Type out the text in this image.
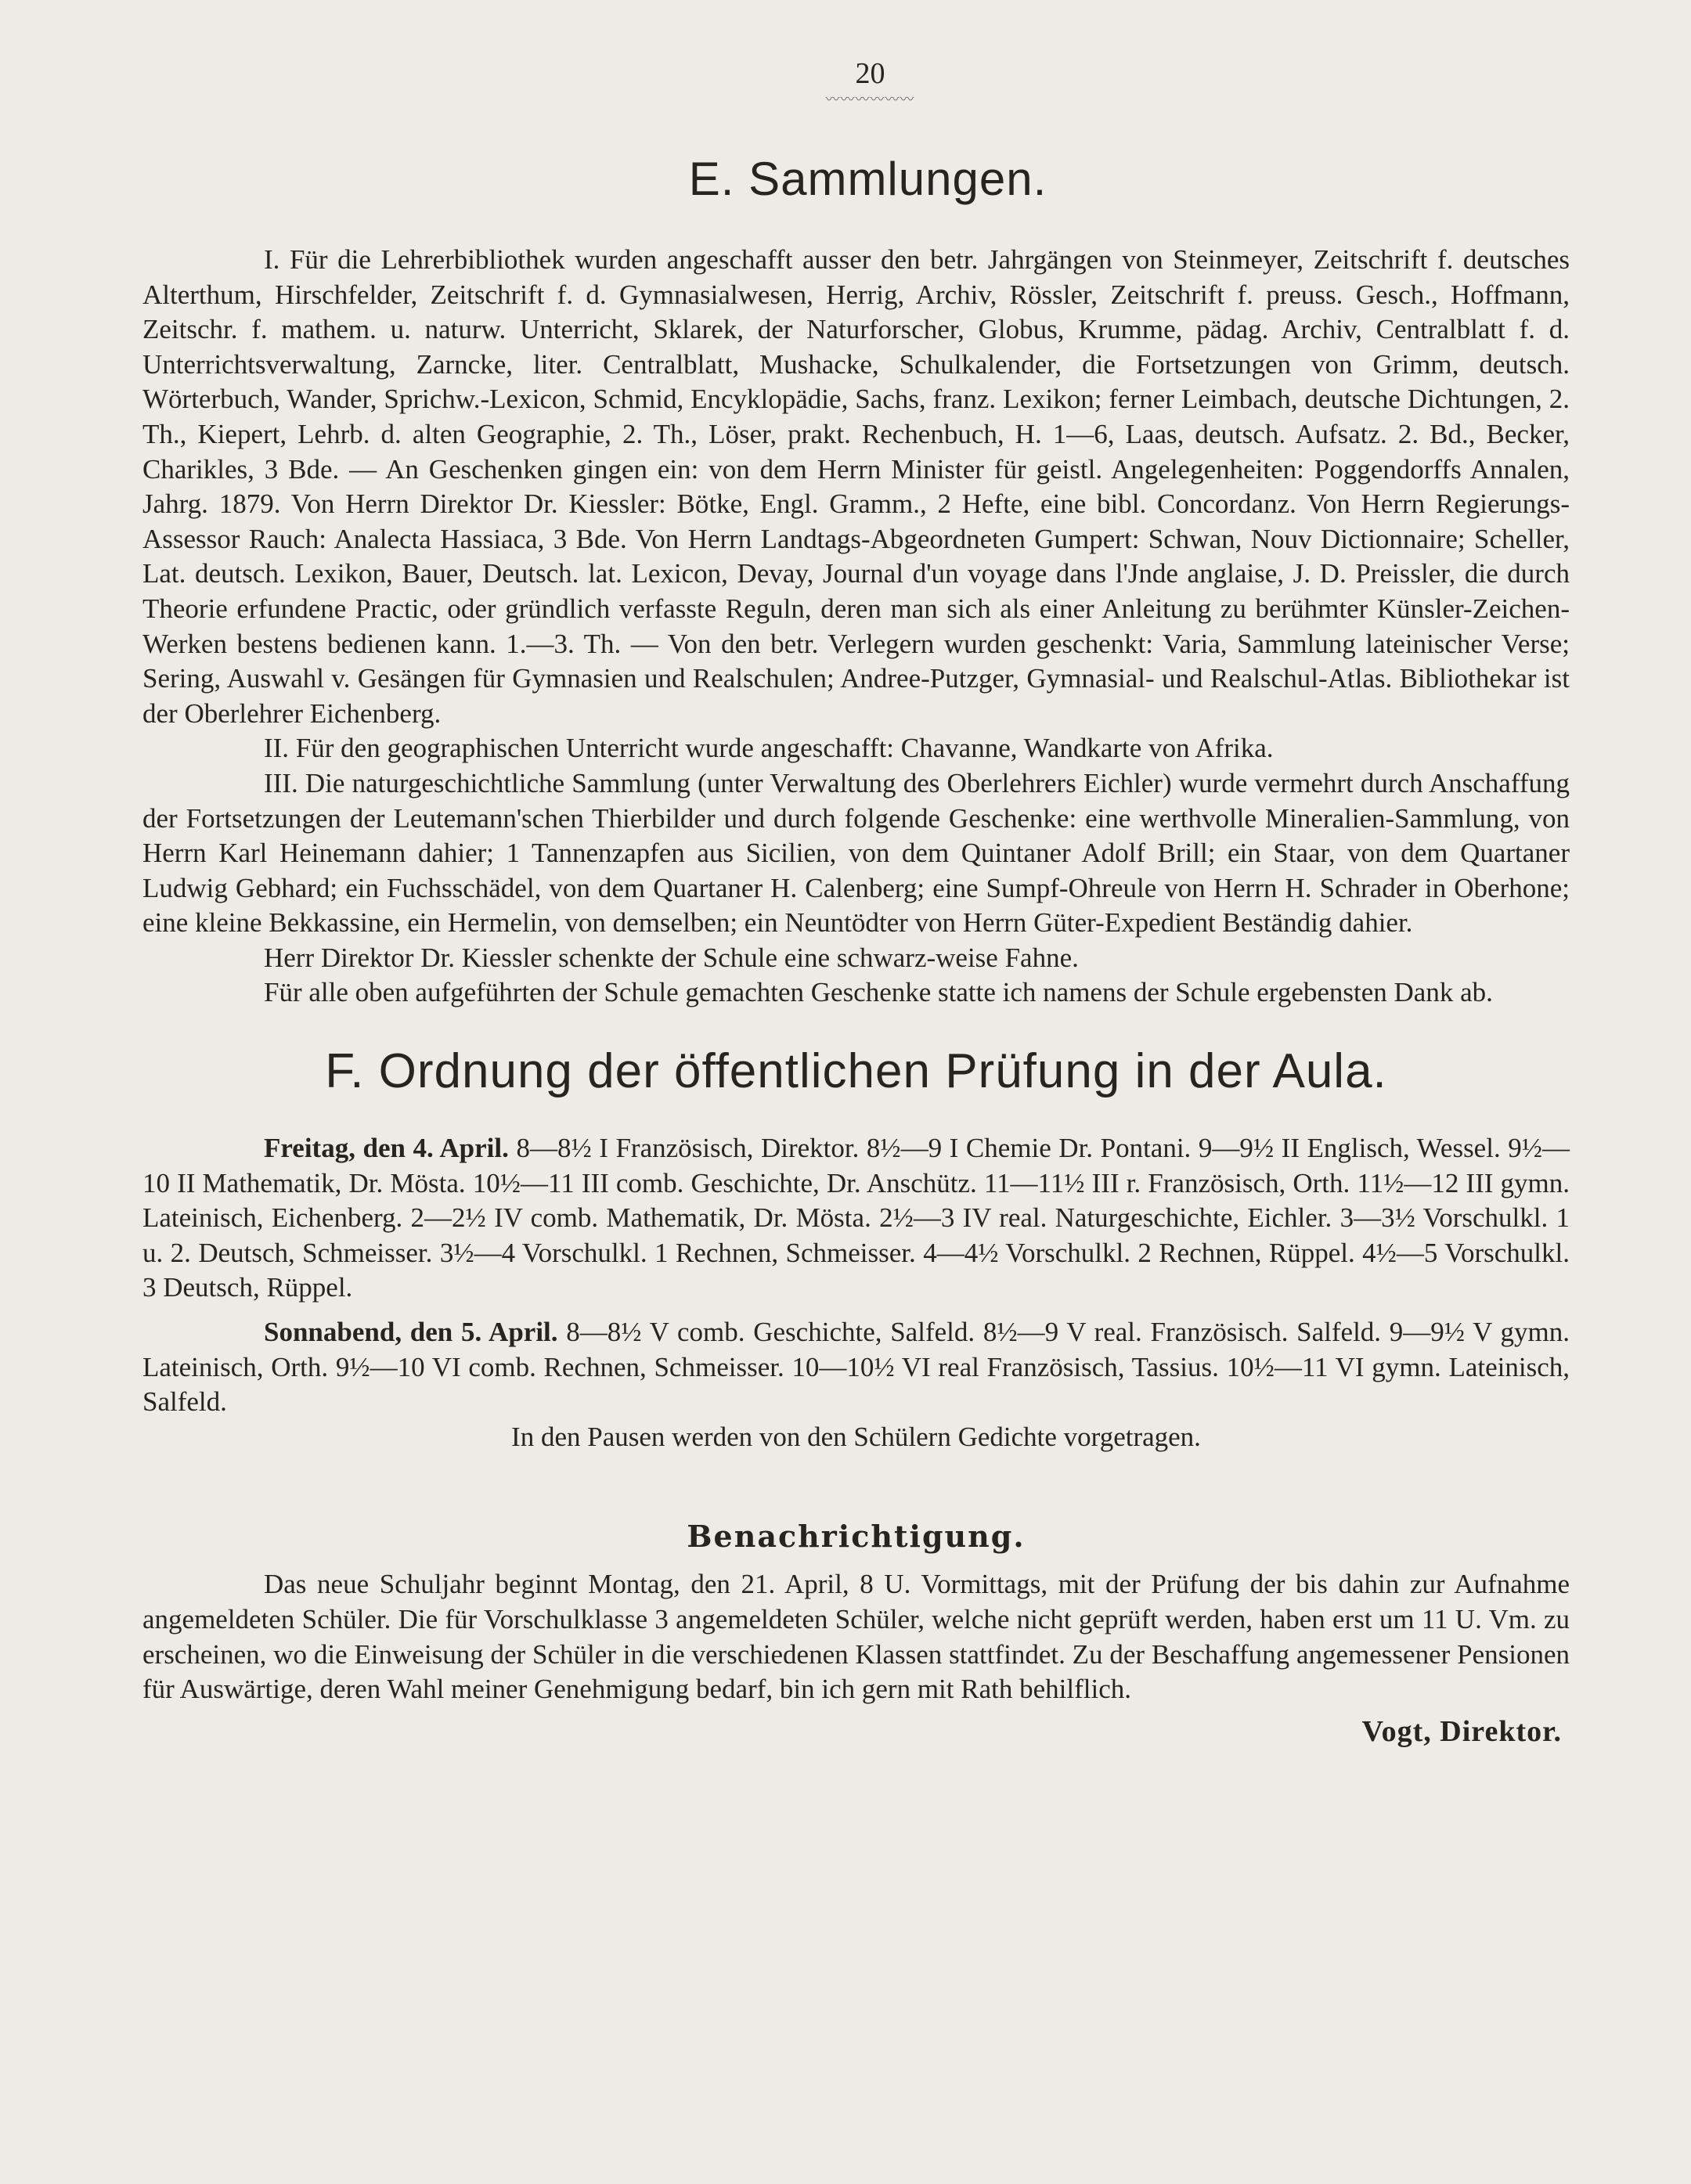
20
〰〰〰〰〰〰
E. Sammlungen.

I. Für die Lehrerbibliothek wurden angeschafft ausser den betr. Jahrgängen von Steinmeyer, Zeitschrift f. deutsches Alterthum, Hirschfelder, Zeitschrift f. d. Gymnasialwesen, Herrig, Archiv, Rössler, Zeitschrift f. preuss. Gesch., Hoffmann, Zeitschr. f. mathem. u. naturw. Unterricht, Sklarek, der Naturforscher, Globus, Krumme, pädag. Archiv, Centralblatt f. d. Unterrichtsverwaltung, Zarncke, liter. Centralblatt, Mushacke, Schulkalender, die Fortsetzungen von Grimm, deutsch. Wörterbuch, Wander, Sprichw.-Lexicon, Schmid, Encyklopädie, Sachs, franz. Lexikon; ferner Leimbach, deutsche Dichtungen, 2. Th., Kiepert, Lehrb. d. alten Geographie, 2. Th., Löser, prakt. Rechenbuch, H. 1—6, Laas, deutsch. Aufsatz. 2. Bd., Becker, Charikles, 3 Bde. — An Geschenken gingen ein: von dem Herrn Minister für geistl. Angelegenheiten: Poggendorffs Annalen, Jahrg. 1879. Von Herrn Direktor Dr. Kiessler: Bötke, Engl. Gramm., 2 Hefte, eine bibl. Concordanz. Von Herrn Regierungs-Assessor Rauch: Analecta Hassiaca, 3 Bde. Von Herrn Landtags-Abgeordneten Gumpert: Schwan, Nouv Dictionnaire; Scheller, Lat. deutsch. Lexikon, Bauer, Deutsch. lat. Lexicon, Devay, Journal d'un voyage dans l'Jnde anglaise, J. D. Preissler, die durch Theorie erfundene Practic, oder gründlich verfasste Reguln, deren man sich als einer Anleitung zu berühmter Künsler-Zeichen-Werken bestens bedienen kann. 1.—3. Th. — Von den betr. Verlegern wurden geschenkt: Varia, Sammlung lateinischer Verse; Sering, Auswahl v. Gesängen für Gymnasien und Realschulen; Andree-Putzger, Gymnasial- und Realschul-Atlas. Bibliothekar ist der Oberlehrer Eichenberg.

II. Für den geographischen Unterricht wurde angeschafft: Chavanne, Wandkarte von Afrika.

III. Die naturgeschichtliche Sammlung (unter Verwaltung des Oberlehrers Eichler) wurde vermehrt durch Anschaffung der Fortsetzungen der Leutemann'schen Thierbilder und durch folgende Geschenke: eine werthvolle Mineralien-Sammlung, von Herrn Karl Heinemann dahier; 1 Tannenzapfen aus Sicilien, von dem Quintaner Adolf Brill; ein Staar, von dem Quartaner Ludwig Gebhard; ein Fuchsschädel, von dem Quartaner H. Calenberg; eine Sumpf-Ohreule von Herrn H. Schrader in Oberhone; eine kleine Bekkassine, ein Hermelin, von demselben; ein Neuntödter von Herrn Güter-Expedient Beständig dahier.

Herr Direktor Dr. Kiessler schenkte der Schule eine schwarz-weise Fahne.

Für alle oben aufgeführten der Schule gemachten Geschenke statte ich namens der Schule ergebensten Dank ab.

F. Ordnung der öffentlichen Prüfung in der Aula.

Freitag, den 4. April. 8—8½ I Französisch, Direktor. 8½—9 I Chemie Dr. Pontani. 9—9½ II Englisch, Wessel. 9½—10 II Mathematik, Dr. Mösta. 10½—11 III comb. Geschichte, Dr. Anschütz. 11—11½ III r. Französisch, Orth. 11½—12 III gymn. Lateinisch, Eichenberg. 2—2½ IV comb. Mathematik, Dr. Mösta. 2½—3 IV real. Naturgeschichte, Eichler. 3—3½ Vorschulkl. 1 u. 2. Deutsch, Schmeisser. 3½—4 Vorschulkl. 1 Rechnen, Schmeisser. 4—4½ Vorschulkl. 2 Rechnen, Rüppel. 4½—5 Vorschulkl. 3 Deutsch, Rüppel.

Sonnabend, den 5. April. 8—8½ V comb. Geschichte, Salfeld. 8½—9 V real. Französisch. Salfeld. 9—9½ V gymn. Lateinisch, Orth. 9½—10 VI comb. Rechnen, Schmeisser. 10—10½ VI real Französisch, Tassius. 10½—11 VI gymn. Lateinisch, Salfeld.

In den Pausen werden von den Schülern Gedichte vorgetragen.

Benachrichtigung.

Das neue Schuljahr beginnt Montag, den 21. April, 8 U. Vormittags, mit der Prüfung der bis dahin zur Aufnahme angemeldeten Schüler. Die für Vorschulklasse 3 angemeldeten Schüler, welche nicht geprüft werden, haben erst um 11 U. Vm. zu erscheinen, wo die Einweisung der Schüler in die verschiedenen Klassen stattfindet. Zu der Beschaffung angemessener Pensionen für Auswärtige, deren Wahl meiner Genehmigung bedarf, bin ich gern mit Rath behilflich.

Vogt, Direktor.
